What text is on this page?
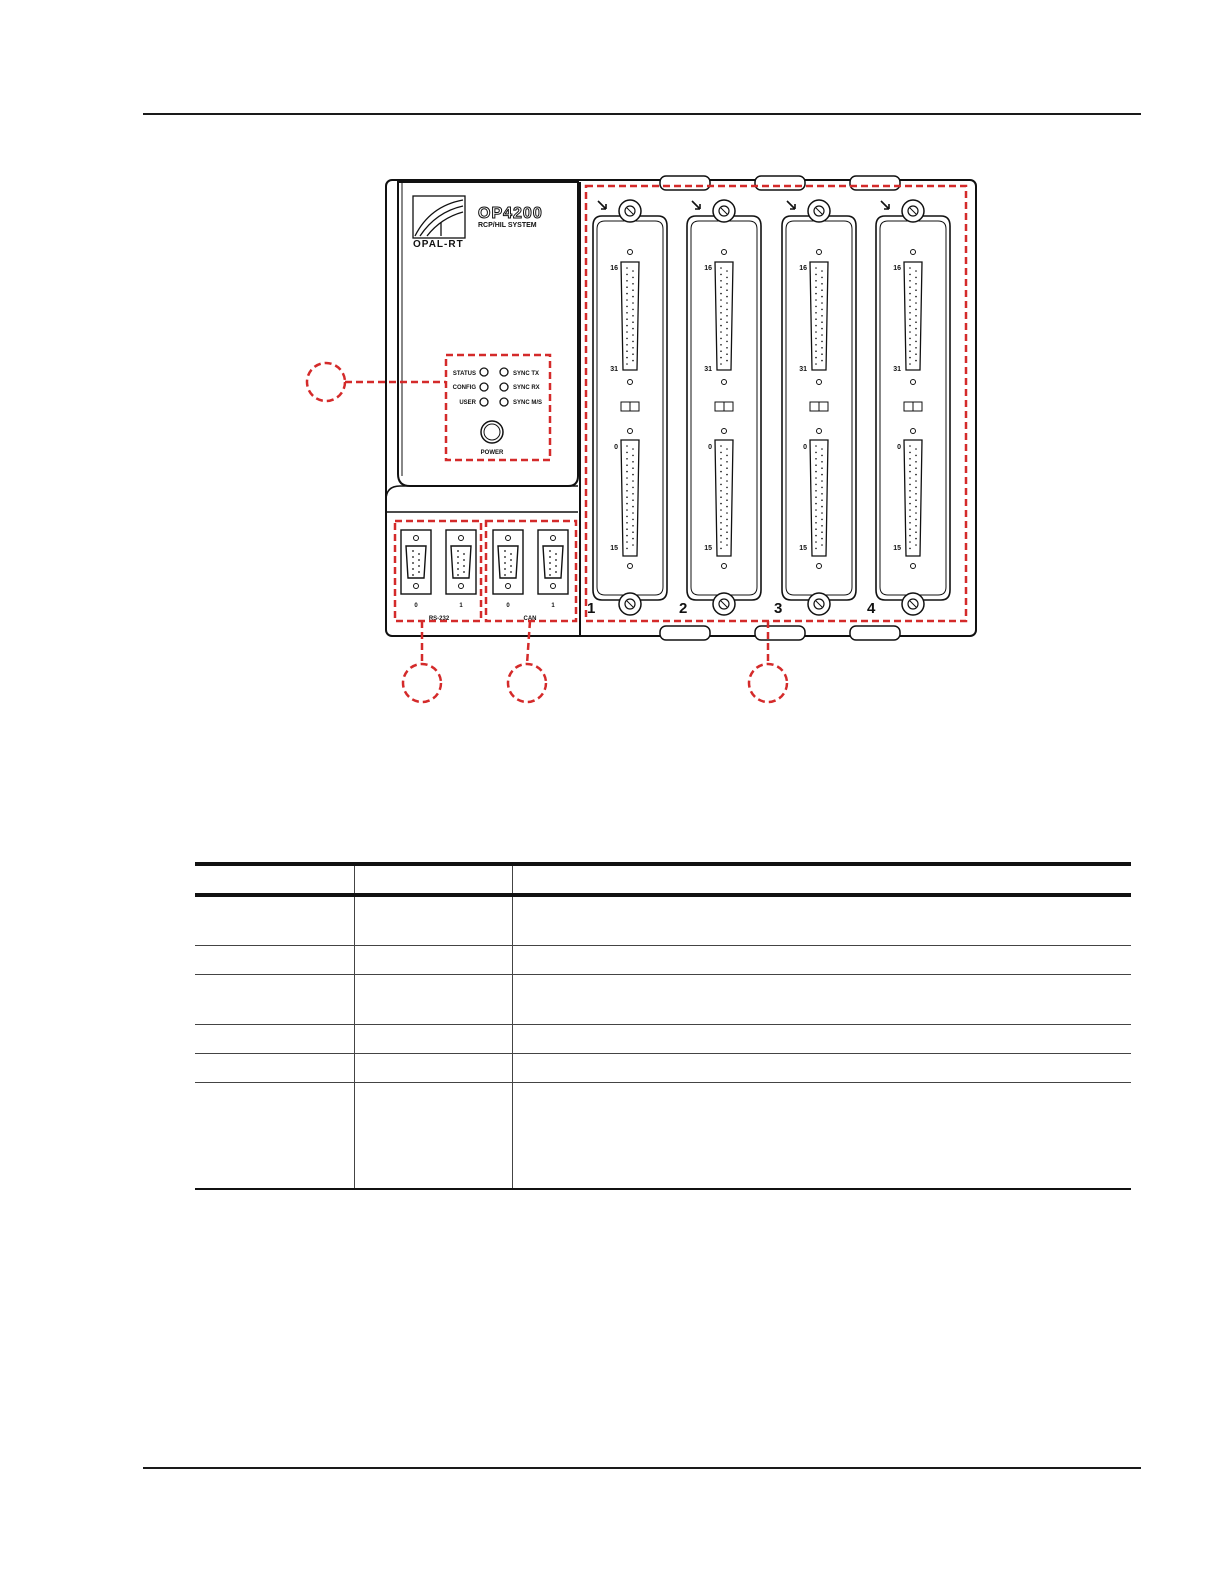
OPAL-RT
OP4200
RCP/HIL SYSTEM
STATUS
CONFIG
USER
SYNC TX
SYNC RX
SYNC M/S
POWER
0	1
RS-232
0	1
CAN
16
31
0
15
16
31
0
15
16
31
0
15
16
31
0
15
1	2	3	4
